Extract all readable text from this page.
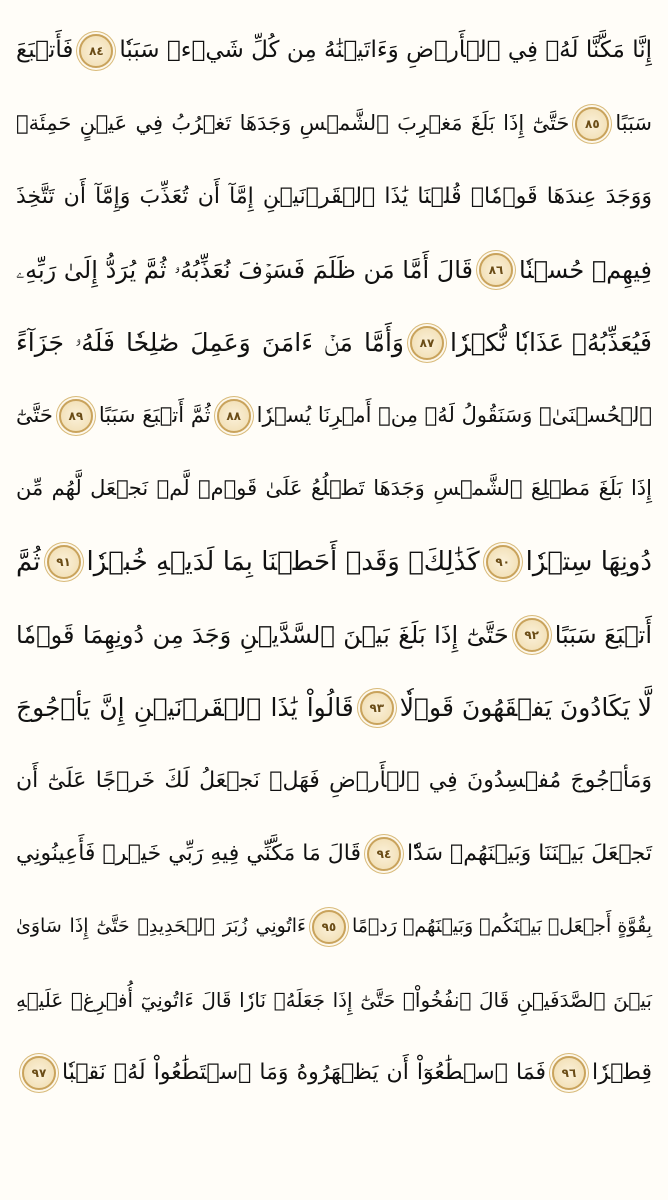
إِنَّا مَكَّنَّا لَهُۥ فِي ٱلۡأَرۡضِ وَءَاتَيۡنَٰهُ مِن كُلِّ شَيۡءٖ سَبَبٗا
٨٤
فَأَتۡبَعَ
سَبَبًا
٨٥
حَتَّىٰٓ إِذَا بَلَغَ مَغۡرِبَ ٱلشَّمۡسِ وَجَدَهَا تَغۡرُبُ فِي عَيۡنٍ حَمِئَةٖ
وَوَجَدَ عِندَهَا قَوۡمٗاۖ قُلۡنَا يَٰذَا ٱلۡقَرۡنَيۡنِ إِمَّآ أَن تُعَذِّبَ وَإِمَّآ أَن تَتَّخِذَ
فِيهِمۡ حُسۡنٗا
٨٦
قَالَ أَمَّا مَن ظَلَمَ فَسَوۡفَ نُعَذِّبُهُۥ ثُمَّ يُرَدُّ إِلَىٰ رَبِّهِۦ
فَيُعَذِّبُهُۥ عَذَابٗا نُّكۡرٗا
٨٧
وَأَمَّا مَنۡ ءَامَنَ وَعَمِلَ صَٰلِحٗا فَلَهُۥ جَزَآءً
ٱلۡحُسۡنَىٰۖ وَسَنَقُولُ لَهُۥ مِنۡ أَمۡرِنَا يُسۡرٗا
٨٨
ثُمَّ أَتۡبَعَ سَبَبًا
٨٩
حَتَّىٰٓ
إِذَا بَلَغَ مَطۡلِعَ ٱلشَّمۡسِ وَجَدَهَا تَطۡلُعُ عَلَىٰ قَوۡمٖ لَّمۡ نَجۡعَل لَّهُم مِّن
دُونِهَا سِتۡرٗا
٩٠
كَذَٰلِكَۖ وَقَدۡ أَحَطۡنَا بِمَا لَدَيۡهِ خُبۡرٗا
٩١
ثُمَّ
أَتۡبَعَ سَبَبًا
٩٢
حَتَّىٰٓ إِذَا بَلَغَ بَيۡنَ ٱلسَّدَّيۡنِ وَجَدَ مِن دُونِهِمَا قَوۡمٗا
لَّا يَكَادُونَ يَفۡقَهُونَ قَوۡلٗا
٩٣
قَالُواْ يَٰذَا ٱلۡقَرۡنَيۡنِ إِنَّ يَأۡجُوجَ
وَمَأۡجُوجَ مُفۡسِدُونَ فِي ٱلۡأَرۡضِ فَهَلۡ نَجۡعَلُ لَكَ خَرۡجًا عَلَىٰٓ أَن
تَجۡعَلَ بَيۡنَنَا وَبَيۡنَهُمۡ سَدّٗا
٩٤
قَالَ مَا مَكَّنِّي فِيهِ رَبِّي خَيۡرٞ فَأَعِينُونِي
بِقُوَّةٍ أَجۡعَلۡ بَيۡنَكُمۡ وَبَيۡنَهُمۡ رَدۡمًا
٩٥
ءَاتُونِي زُبَرَ ٱلۡحَدِيدِۖ حَتَّىٰٓ إِذَا سَاوَىٰ
بَيۡنَ ٱلصَّدَفَيۡنِ قَالَ ٱنفُخُواْۖ حَتَّىٰٓ إِذَا جَعَلَهُۥ نَارٗا قَالَ ءَاتُونِيٓ أُفۡرِغۡ عَلَيۡهِ
قِطۡرٗا
٩٦
فَمَا ٱسۡطَٰعُوٓاْ أَن يَظۡهَرُوهُ وَمَا ٱسۡتَطَٰعُواْ لَهُۥ نَقۡبٗا
٩٧
